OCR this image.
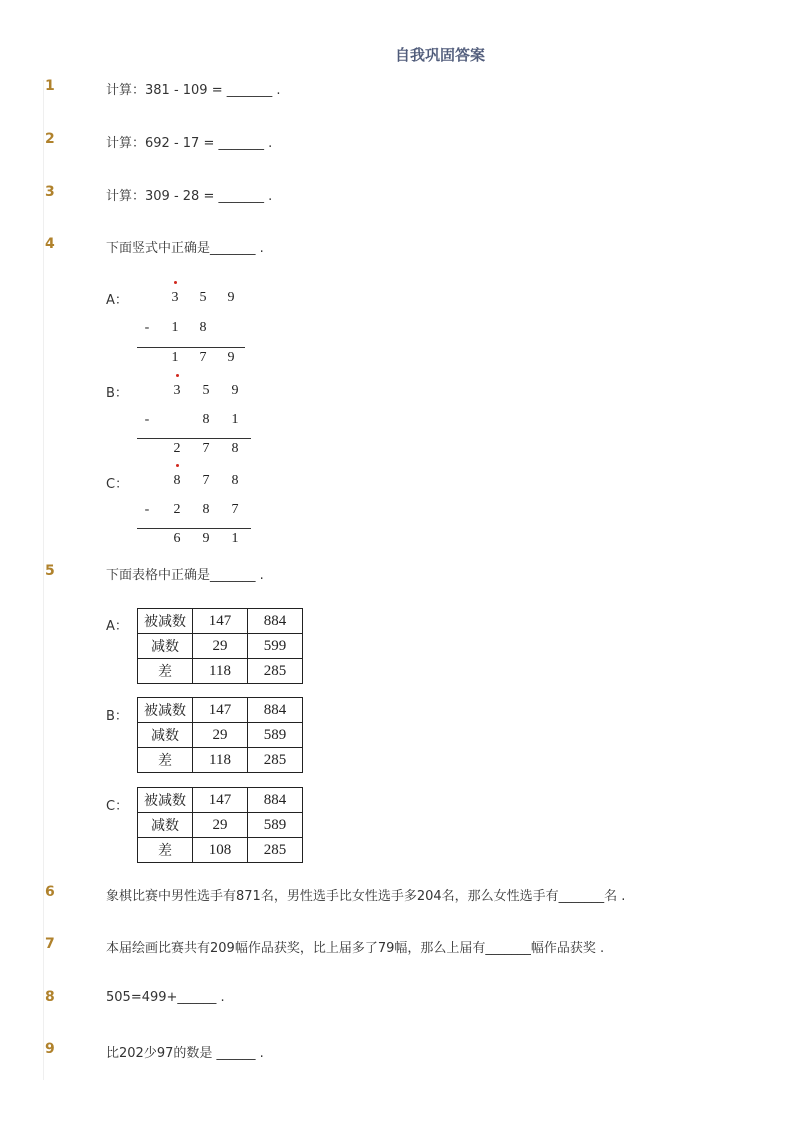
自我巩固答案
1	计算：381 - 109 = _______ .
2	计算：692 - 17 = _______ .
3	计算：309 - 28 = _______ .
4	下面竖式中正确是_______ .
A：	3 5 9
-	1 8
1 7 9
B：	3 5 9
-	8 1
2 7 8
C：	8 7 8
-	2 8 7
6 9 1
5	下面表格中正确是_______ .
A： 被减数	147	884
减数	29	599
差	118	285
B： 被减数	147	884
减数	29	589
差	118	285
C： 被减数	147	884
减数	29	589
差	108	285
6	象棋比赛中男性选手有871名，男性选手比女性选手多204名，那么女性选手有_______名 .
7	本届绘画比赛共有209幅作品获奖，比上届多了79幅，那么上届有_______幅作品获奖 .
8	505=499+______ .
9	比202少97的数是 ______ .
